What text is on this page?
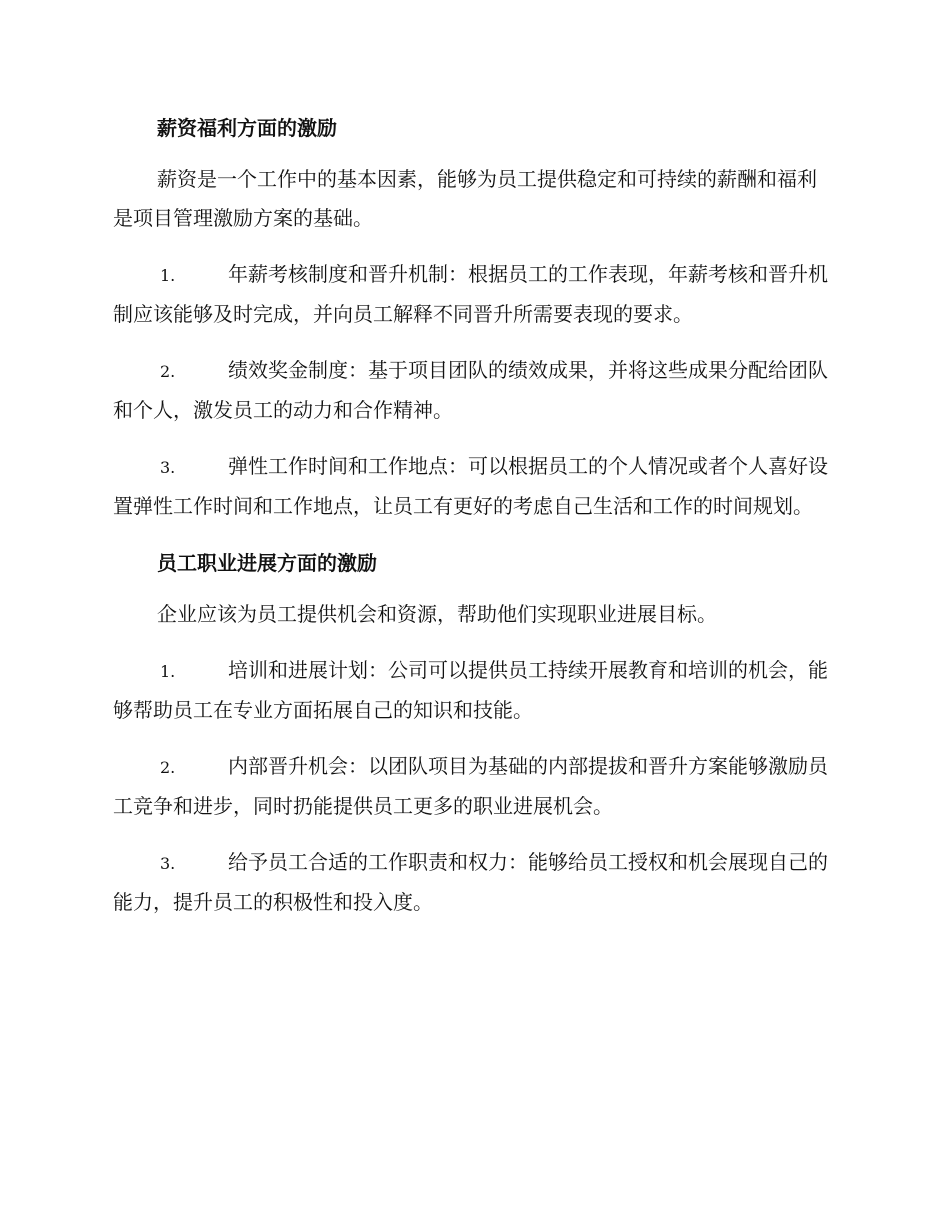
薪资福利方面的激励

薪资是一个工作中的基本因素，能够为员工提供稳定和可持续的薪酬和福利是项目管理激励方案的基础。

1.	年薪考核制度和晋升机制：根据员工的工作表现，年薪考核和晋升机制应该能够及时完成，并向员工解释不同晋升所需要表现的要求。

2.	绩效奖金制度：基于项目团队的绩效成果，并将这些成果分配给团队和个人，激发员工的动力和合作精神。

3.	弹性工作时间和工作地点：可以根据员工的个人情况或者个人喜好设置弹性工作时间和工作地点，让员工有更好的考虑自己生活和工作的时间规划。

员工职业进展方面的激励

企业应该为员工提供机会和资源，帮助他们实现职业进展目标。

1.	培训和进展计划：公司可以提供员工持续开展教育和培训的机会，能够帮助员工在专业方面拓展自己的知识和技能。

2.	内部晋升机会：以团队项目为基础的内部提拔和晋升方案能够激励员工竞争和进步，同时扔能提供员工更多的职业进展机会。

3.	给予员工合适的工作职责和权力：能够给员工授权和机会展现自己的能力，提升员工的积极性和投入度。
